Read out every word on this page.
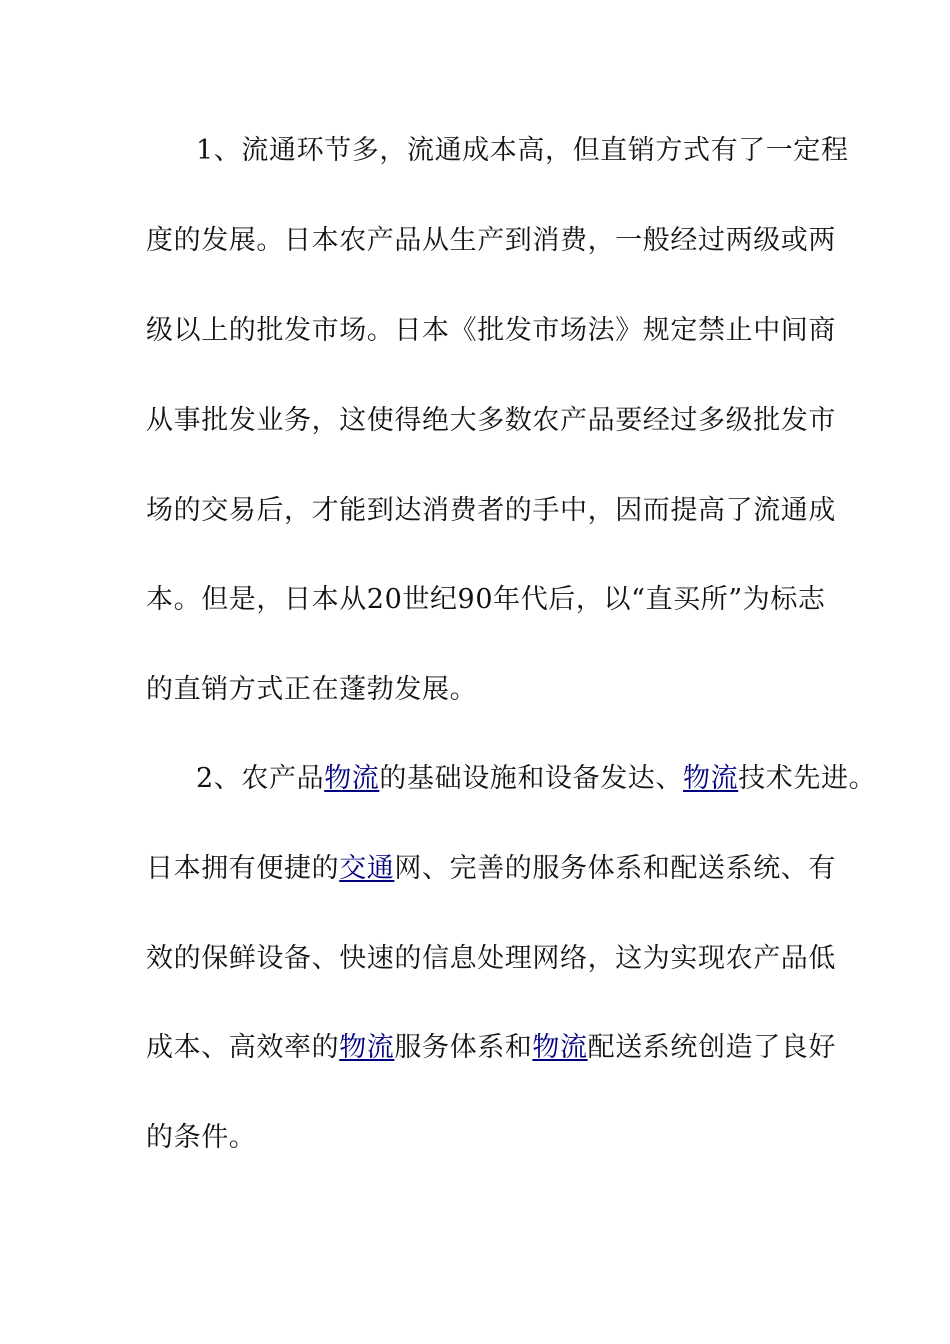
1、流通环节多，流通成本高，但直销方式有了一定程
度的发展。日本农产品从生产到消费，一般经过两级或两
级以上的批发市场。日本《批发市场法》规定禁止中间商
从事批发业务，这使得绝大多数农产品要经过多级批发市
场的交易后，才能到达消费者的手中，因而提高了流通成
本。但是，日本从20世纪90年代后，以“直买所”为标志
的直销方式正在蓬勃发展。
2、农产品物流的基础设施和设备发达、物流技术先进。
日本拥有便捷的交通网、完善的服务体系和配送系统、有
效的保鲜设备、快速的信息处理网络，这为实现农产品低
成本、高效率的物流服务体系和物流配送系统创造了良好
的条件。
